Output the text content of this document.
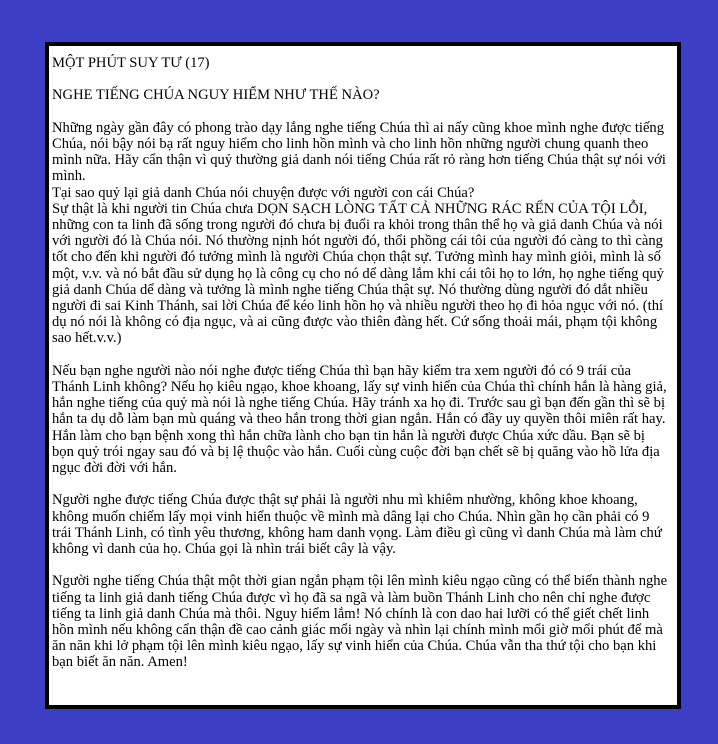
MỘT PHÚT SUY TƯ (17)

NGHE TIẾNG CHÚA NGUY HIỂM NHƯ THẾ NÀO?

Những ngày gần đây có phong trào dạy lắng nghe tiếng Chúa thì ai nấy cũng khoe mình nghe được tiếng Chúa, nói bậy nói bạ rất nguy hiểm cho linh hồn mình và cho linh hồn những người chung quanh theo mình nữa. Hãy cẩn thận vì quỷ thường giả danh nói tiếng Chúa rất rỏ ràng hơn tiếng Chúa thật sự nói với mình.
Tại sao quỷ lại giả danh Chúa nói chuyện được với người con cái Chúa?
Sự thật là khi người tin Chúa chưa DỌN SẠCH LÒNG TẤT CẢ NHỮNG RÁC RẾN CỦA TỘI LỖI, những con ta linh đã sống trong người đó chưa bị đuổi ra khỏi trong thân thể họ và giả danh Chúa và nói với người đó là Chúa nói. Nó thường nịnh hót người đó, thổi phồng cái tôi của người đó càng to thì càng tốt cho đến khi người đó tưởng mình là người Chúa chọn thật sự. Tưởng mình hay mình giỏi, mình là số một, v.v. và nó bắt đầu sử dụng họ là công cụ cho nó dể dàng lắm khi cái tôi họ to lớn, họ nghe tiếng quỷ giả danh Chúa dể dàng và tưởng là mình nghe tiếng Chúa thật sự. Nó thường dùng người đó dắt nhiều người đi sai Kinh Thánh, sai lời Chúa để kéo linh hồn họ và nhiều người theo họ đi hỏa ngục với nó. (thí dụ nó nói là không có địa ngục, và ai cũng được vào thiên đàng hết. Cứ sống thoải mái, phạm tội không sao hết.v.v.)

Nếu bạn nghe người nào nói nghe được tiếng Chúa thì bạn hãy kiểm tra xem người đó có 9 trái của Thánh Linh không? Nếu họ kiêu ngạo, khoe khoang, lấy sự vinh hiển của Chúa thì chính hắn là hàng giả, hắn nghe tiếng của quỷ mà nói là nghe tiếng Chúa. Hãy tránh xa họ đi. Trước sau gì bạn đến gần thì sẽ bị hắn ta dụ dỗ làm bạn mù quáng và theo hắn trong thời gian ngắn. Hắn có đầy uy quyền thôi miên rất hay. Hắn làm cho bạn bệnh xong thì hắn chữa lành cho bạn tin hắn là người được Chúa xức dầu. Bạn sẽ bị bọn quỷ trói ngay sau đó và bị lệ thuộc vào hắn. Cuối cùng cuộc đời bạn chết sẽ bị quăng vào hồ lửa địa ngục đời đời với hắn.

Người nghe được tiếng Chúa được thật sự phải là người nhu mì khiêm nhường, không khoe khoang, không muốn chiếm lấy mọi vinh hiển thuộc về mình mà dâng lại cho Chúa. Nhìn gần họ cần phải có 9 trái Thánh Linh, có tình yêu thương, không ham danh vọng. Làm điều gì cũng vì danh Chúa mà làm chứ không vì danh của họ. Chúa gọi là nhìn trái biết cây là vậy.

Người nghe tiếng Chúa thật một thời gian ngắn phạm tội lên mình kiêu ngạo cũng có thể biến thành nghe tiếng ta linh giả danh tiếng Chúa được vì họ đã sa ngã và làm buồn Thánh Linh cho nên chỉ nghe được tiếng ta linh giả danh Chúa mà thôi. Nguy hiểm lắm! Nó chính là con dao hai lưỡi có thể giết chết linh hồn mình nếu không cẩn thận đề cao cảnh giác mổi ngày và nhìn lại chính mình mổi giờ mổi phút để mà ăn năn khi lở phạm tội lên mình kiêu ngạo, lấy sự vinh hiển của Chúa. Chúa vẫn tha thứ tội cho bạn khi bạn biết ăn năn. Amen!
